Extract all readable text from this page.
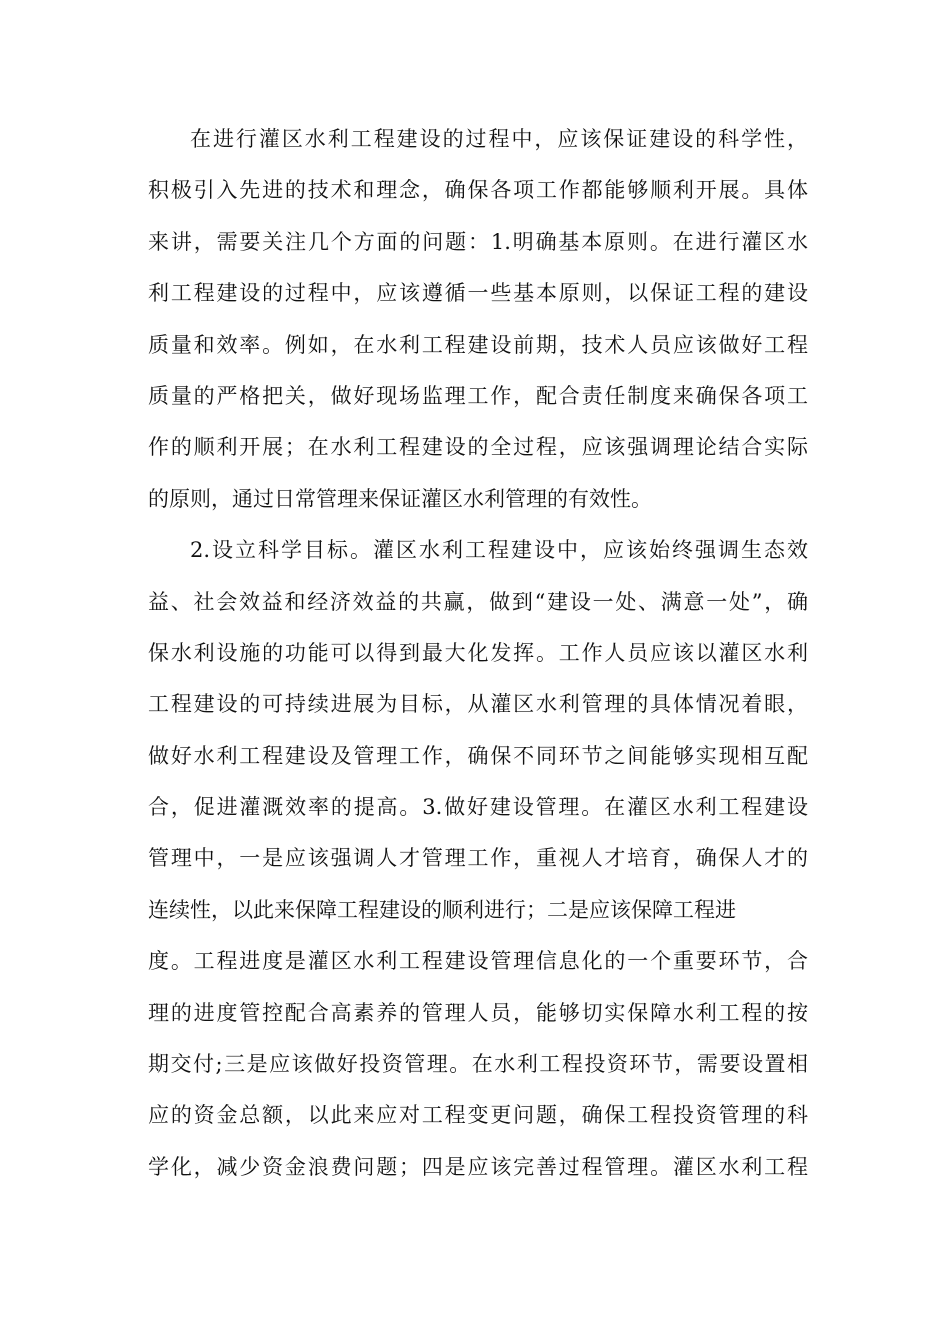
在进行灌区水利工程建设的过程中，应该保证建设的科学性，
积极引入先进的技术和理念，确保各项工作都能够顺利开展。具体
来讲，需要关注几个方面的问题：1.明确基本原则。在进行灌区水
利工程建设的过程中，应该遵循一些基本原则，以保证工程的建设
质量和效率。例如，在水利工程建设前期，技术人员应该做好工程
质量的严格把关，做好现场监理工作，配合责任制度来确保各项工
作的顺利开展；在水利工程建设的全过程，应该强调理论结合实际
的原则，通过日常管理来保证灌区水利管理的有效性。
2.设立科学目标。灌区水利工程建设中，应该始终强调生态效
益、社会效益和经济效益的共赢，做到“建设一处、满意一处”，确
保水利设施的功能可以得到最大化发挥。工作人员应该以灌区水利
工程建设的可持续进展为目标，从灌区水利管理的具体情况着眼，
做好水利工程建设及管理工作，确保不同环节之间能够实现相互配
合，促进灌溉效率的提高。3.做好建设管理。在灌区水利工程建设
管理中，一是应该强调人才管理工作，重视人才培育，确保人才的
连续性，以此来保障工程建设的顺利进行；二是应该保障工程进
度。工程进度是灌区水利工程建设管理信息化的一个重要环节，合
理的进度管控配合高素养的管理人员，能够切实保障水利工程的按
期交付;三是应该做好投资管理。在水利工程投资环节，需要设置相
应的资金总额，以此来应对工程变更问题，确保工程投资管理的科
学化，减少资金浪费问题；四是应该完善过程管理。灌区水利工程
